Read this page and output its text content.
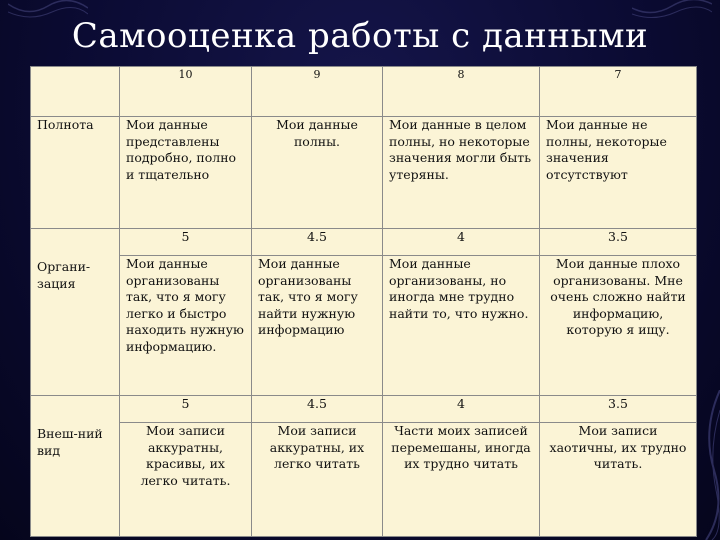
Самооценка работы с данными
	10	9	8	7
Полнота	Мои данные представлены подробно, полно и тщательно	Мои данные полны.	Мои данные в целом полны, но некоторые значения могли быть утеряны.	Мои данные не полны, некоторые значения отсутствуют
Органи-зация	5	4.5	4	3.5
	Мои данные организованы так, что я могу легко и быстро находить нужную информацию.	Мои данные организованы так, что я могу найти нужную информацию	Мои данные организованы, но иногда мне трудно найти то, что нужно.	Мои данные плохо организованы. Мне очень сложно найти информацию, которую я ищу.
Внеш-ний вид	5	4.5	4	3.5
	Мои записи аккуратны, красивы, их легко читать.	Мои записи аккуратны, их легко читать	Части моих записей перемешаны, иногда их трудно читать	Мои записи хаотичны, их трудно читать.
